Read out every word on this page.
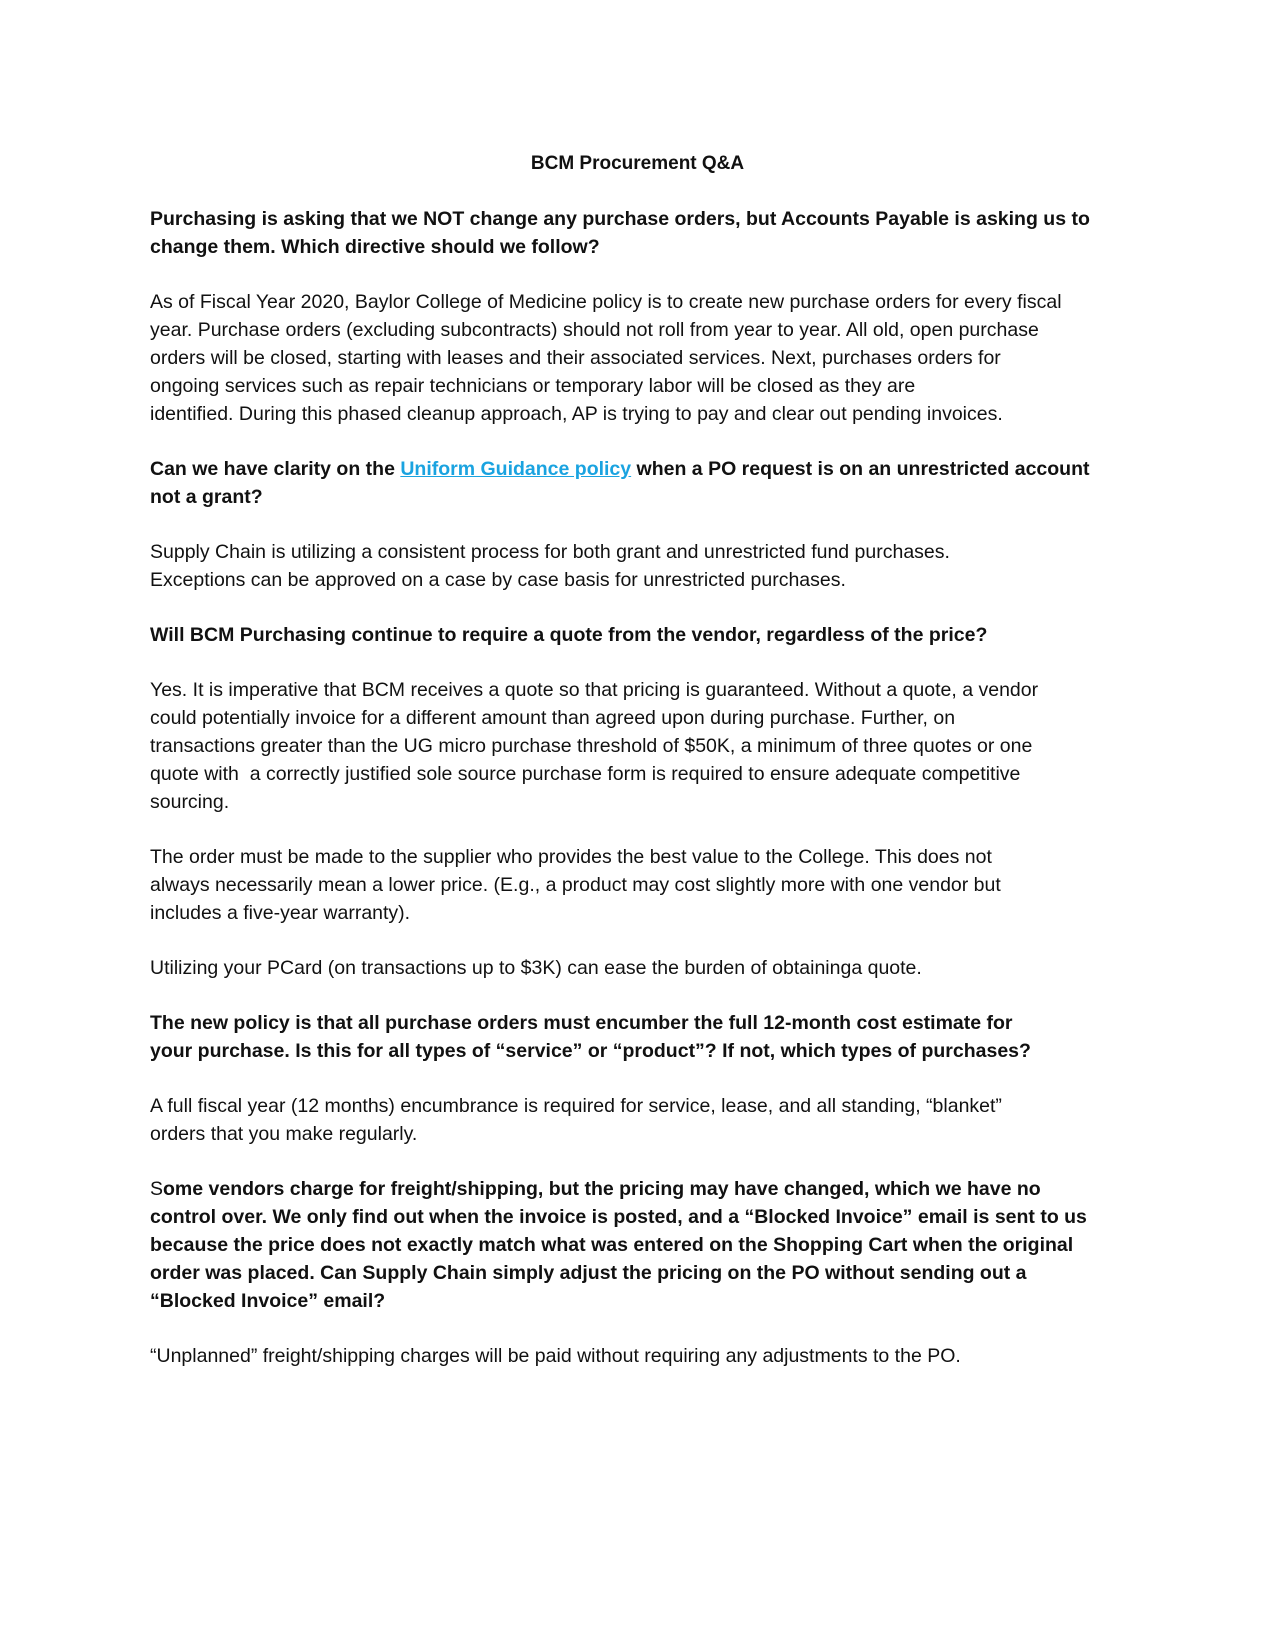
BCM Procurement Q&A
Purchasing is asking that we NOT change any purchase orders, but Accounts Payable is asking us to
change them. Which directive should we follow?
As of Fiscal Year 2020, Baylor College of Medicine policy is to create new purchase orders for every fiscal
year. Purchase orders (excluding subcontracts) should not roll from year to year. All old, open purchase
orders will be closed, starting with leases and their associated services. Next, purchases orders for
ongoing services such as repair technicians or temporary labor will be closed as they are
identified. During this phased cleanup approach, AP is trying to pay and clear out pending invoices.
Can we have clarity on the Uniform Guidance policy when a PO request is on an unrestricted account
not a grant?
Supply Chain is utilizing a consistent process for both grant and unrestricted fund purchases.
Exceptions can be approved on a case by case basis for unrestricted purchases.
Will BCM Purchasing continue to require a quote from the vendor, regardless of the price?
Yes. It is imperative that BCM receives a quote so that pricing is guaranteed. Without a quote, a vendor
could potentially invoice for a different amount than agreed upon during purchase. Further, on
transactions greater than the UG micro purchase threshold of $50K, a minimum of three quotes or one
quote with  a correctly justified sole source purchase form is required to ensure adequate competitive
sourcing.
The order must be made to the supplier who provides the best value to the College. This does not
always necessarily mean a lower price. (E.g., a product may cost slightly more with one vendor but
includes a five-year warranty).
Utilizing your PCard (on transactions up to $3K) can ease the burden of obtaininga quote.
The new policy is that all purchase orders must encumber the full 12-month cost estimate for
your purchase. Is this for all types of “service” or “product”? If not, which types of purchases?
A full fiscal year (12 months) encumbrance is required for service, lease, and all standing, “blanket”
orders that you make regularly.
Some vendors charge for freight/shipping, but the pricing may have changed, which we have no
control over. We only find out when the invoice is posted, and a “Blocked Invoice” email is sent to us
because the price does not exactly match what was entered on the Shopping Cart when the original
order was placed. Can Supply Chain simply adjust the pricing on the PO without sending out a
“Blocked Invoice” email?
“Unplanned” freight/shipping charges will be paid without requiring any adjustments to the PO.
